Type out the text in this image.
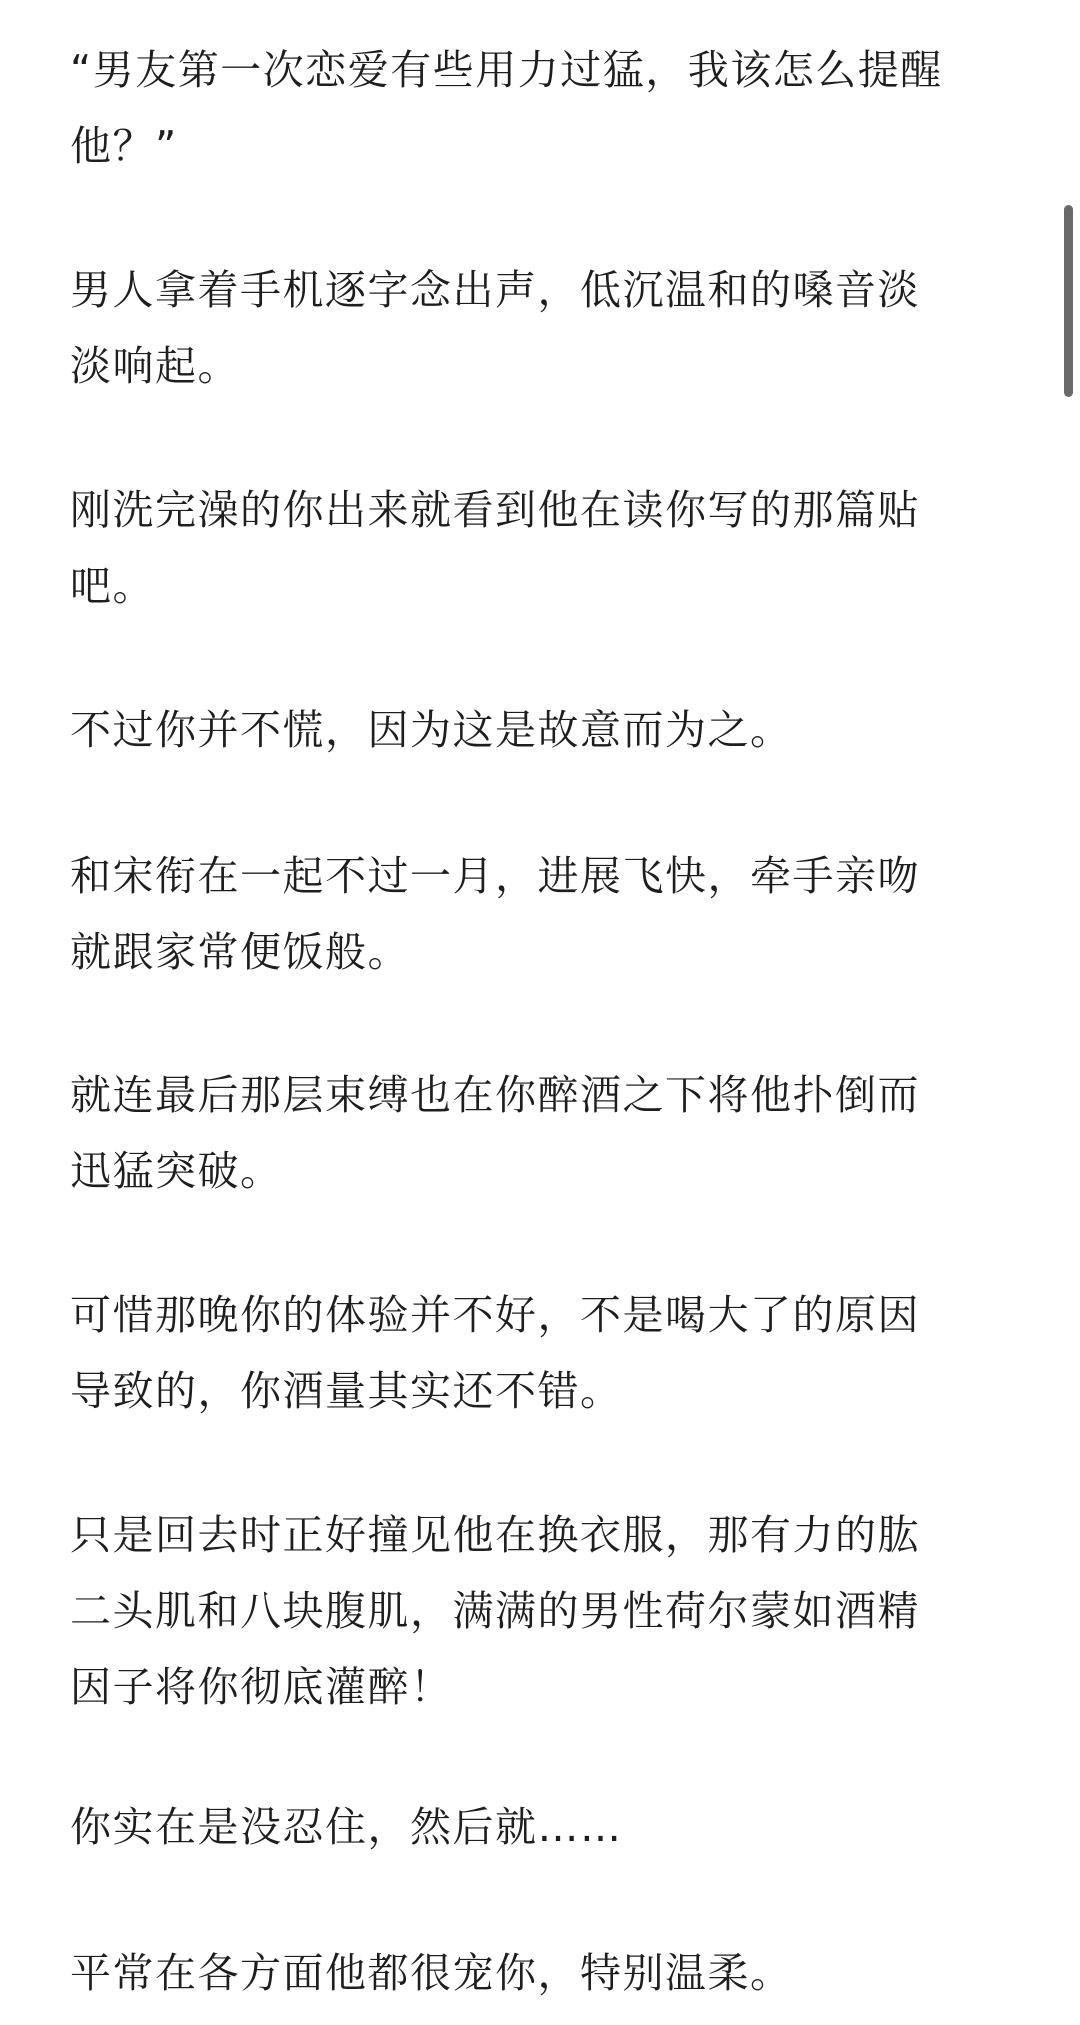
“男友第一次恋爱有些用力过猛，我该怎么提醒
他？”

男人拿着手机逐字念出声，低沉温和的嗓音淡
淡响起。

刚洗完澡的你出来就看到他在读你写的那篇贴
吧。

不过你并不慌，因为这是故意而为之。

和宋衔在一起不过一月，进展飞快，牵手亲吻
就跟家常便饭般。

就连最后那层束缚也在你醉酒之下将他扑倒而
迅猛突破。

可惜那晚你的体验并不好，不是喝大了的原因
导致的，你酒量其实还不错。

只是回去时正好撞见他在换衣服，那有力的肱
二头肌和八块腹肌，满满的男性荷尔蒙如酒精
因子将你彻底灌醉！

你实在是没忍住，然后就……

平常在各方面他都很宠你，特别温柔。
